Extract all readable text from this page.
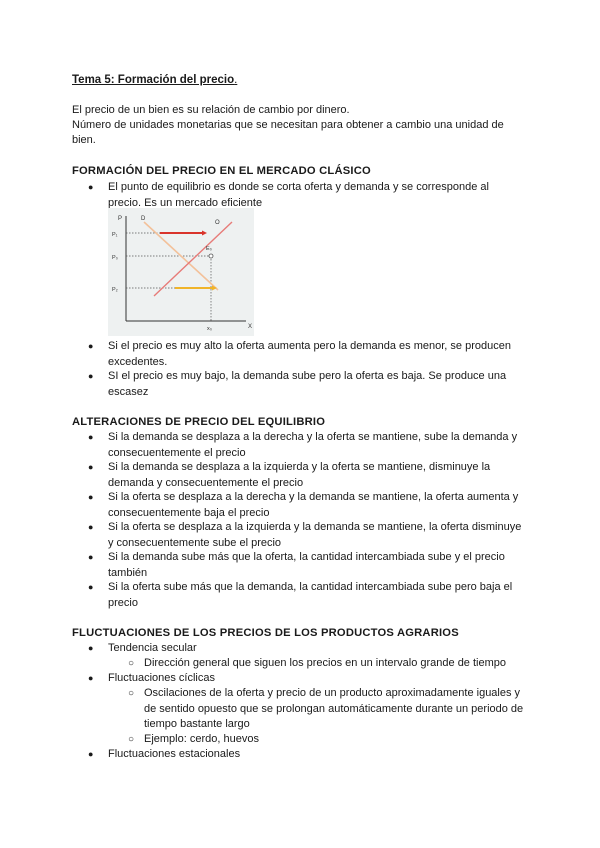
Tema 5: Formación del precio.
El precio de un bien es su relación de cambio por dinero.
Número de unidades monetarias que se necesitan para obtener a cambio una unidad de
bien.
FORMACIÓN DEL PRECIO EN EL MERCADO CLÁSICO
● El punto de equilibrio es donde se corta oferta y demanda y se corresponde al
precio. Es un mercado eficiente
P
X
D
O
P₁
P₀
P₂
E₀
x₀
● Si el precio es muy alto la oferta aumenta pero la demanda es menor, se producen
excedentes.
● SI el precio es muy bajo, la demanda sube pero la oferta es baja. Se produce una
escasez
ALTERACIONES DE PRECIO DEL EQUILIBRIO
● Si la demanda se desplaza a la derecha y la oferta se mantiene, sube la demanda y
consecuentemente el precio
● Si la demanda se desplaza a la izquierda y la oferta se mantiene, disminuye la
demanda y consecuentemente el precio
● Si la oferta se desplaza a la derecha y la demanda se mantiene, la oferta aumenta y
consecuentemente baja el precio
● Si la oferta se desplaza a la izquierda y la demanda se mantiene, la oferta disminuye
y consecuentemente sube el precio
● Si la demanda sube más que la oferta, la cantidad intercambiada sube y el precio
también
● Si la oferta sube más que la demanda, la cantidad intercambiada sube pero baja el
precio
FLUCTUACIONES DE LOS PRECIOS DE LOS PRODUCTOS AGRARIOS
● Tendencia secular
○ Dirección general que siguen los precios en un intervalo grande de tiempo
● Fluctuaciones cíclicas
○ Oscilaciones de la oferta y precio de un producto aproximadamente iguales y
de sentido opuesto que se prolongan automáticamente durante un periodo de
tiempo bastante largo
○ Ejemplo: cerdo, huevos
● Fluctuaciones estacionales
